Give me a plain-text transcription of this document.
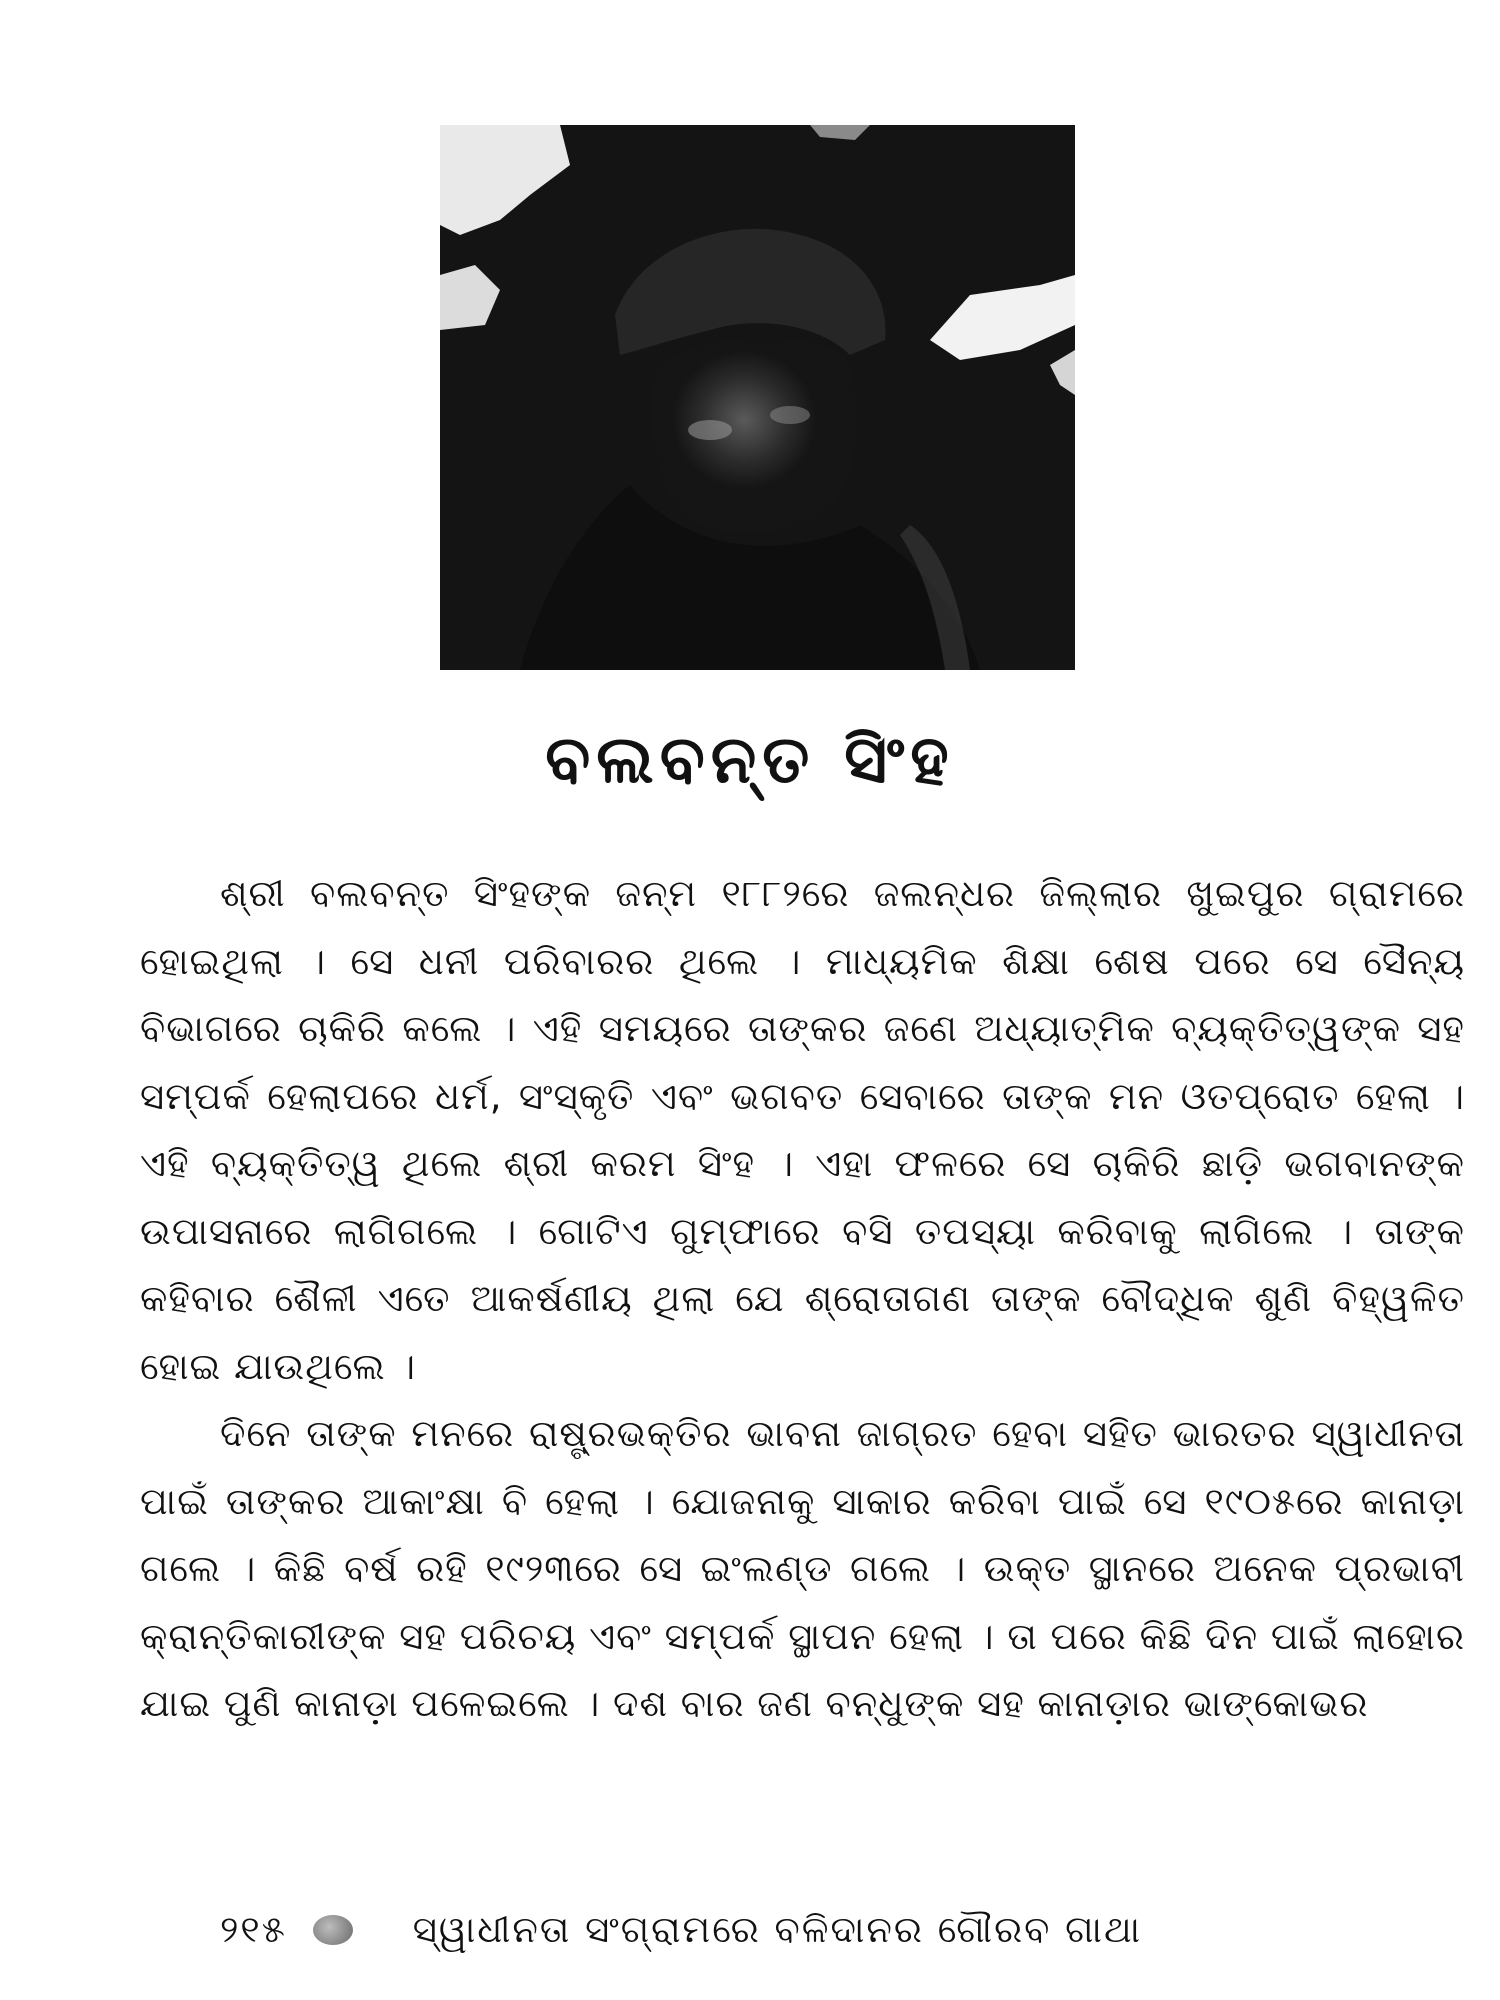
ବଲବନ୍ତ ସିଂହ

ଶ୍ରୀ ବଲବନ୍ତ ସିଂହଙ୍କ ଜନ୍ମ ୧୮୮୨ରେ ଜଲନ୍ଧର ଜିଲ୍ଲାର ଖୁଇପୁର ଗ୍ରାମରେ ହୋଇଥିଲା । ସେ ଧନୀ ପରିବାରର ଥିଲେ । ମାଧ୍ୟମିକ ଶିକ୍ଷା ଶେଷ ପରେ ସେ ସୈନ୍ୟ ବିଭାଗରେ ଚାକିରି କଲେ । ଏହି ସମୟରେ ତାଙ୍କର ଜଣେ ଅଧ୍ୟାତ୍ମିକ ବ୍ୟକ୍ତିତ୍ୱଙ୍କ ସହ ସମ୍ପର୍କ ହେଲାପରେ ଧର୍ମ, ସଂସ୍କୃତି ଏବଂ ଭଗବତ ସେବାରେ ତାଙ୍କ ମନ ଓତପ୍ରୋତ ହେଲା । ଏହି ବ୍ୟକ୍ତିତ୍ୱ ଥିଲେ ଶ୍ରୀ କରମ ସିଂହ । ଏହା ଫଳରେ ସେ ଚାକିରି ଛାଡ଼ି ଭଗବାନଙ୍କ ଉପାସନାରେ ଲାଗିଗଲେ । ଗୋଟିଏ ଗୁମ୍ଫାରେ ବସି ତପସ୍ୟା କରିବାକୁ ଲାଗିଲେ । ତାଙ୍କ କହିବାର ଶୈଳୀ ଏତେ ଆକର୍ଷଣୀୟ ଥିଲା ଯେ ଶ୍ରୋତାଗଣ ତାଙ୍କ ବୌଦ୍ଧିକ ଶୁଣି ବିହ୍ୱଳିତ ହୋଇ ଯାଉଥିଲେ ।

ଦିନେ ତାଙ୍କ ମନରେ ରାଷ୍ଟ୍ରଭକ୍ତିର ଭାବନା ଜାଗ୍ରତ ହେବା ସହିତ ଭାରତର ସ୍ୱାଧୀନତା ପାଇଁ ତାଙ୍କର ଆକାଂକ୍ଷା ବି ହେଲା । ଯୋଜନାକୁ ସାକାର କରିବା ପାଇଁ ସେ ୧୯୦୫ରେ କାନାଡ଼ା ଗଲେ । କିଛି ବର୍ଷ ରହି ୧୯୨୩ରେ ସେ ଇଂଲଣ୍ଡ ଗଲେ । ଉକ୍ତ ସ୍ଥାନରେ ଅନେକ ପ୍ରଭାବୀ କ୍ରାନ୍ତିକାରୀଙ୍କ ସହ ପରିଚୟ ଏବଂ ସମ୍ପର୍କ ସ୍ଥାପନ ହେଲା । ତା ପରେ କିଛି ଦିନ ପାଇଁ ଲାହୋର ଯାଇ ପୁଣି କାନାଡ଼ା ପଳେଇଲେ । ଦଶ ବାର ଜଣ ବନ୍ଧୁଙ୍କ ସହ କାନାଡ଼ାର ଭାଙ୍କୋଭର

୨୧୫	ସ୍ୱାଧୀନତା ସଂଗ୍ରାମରେ ବଳିଦାନର ଗୌରବ ଗାଥା
